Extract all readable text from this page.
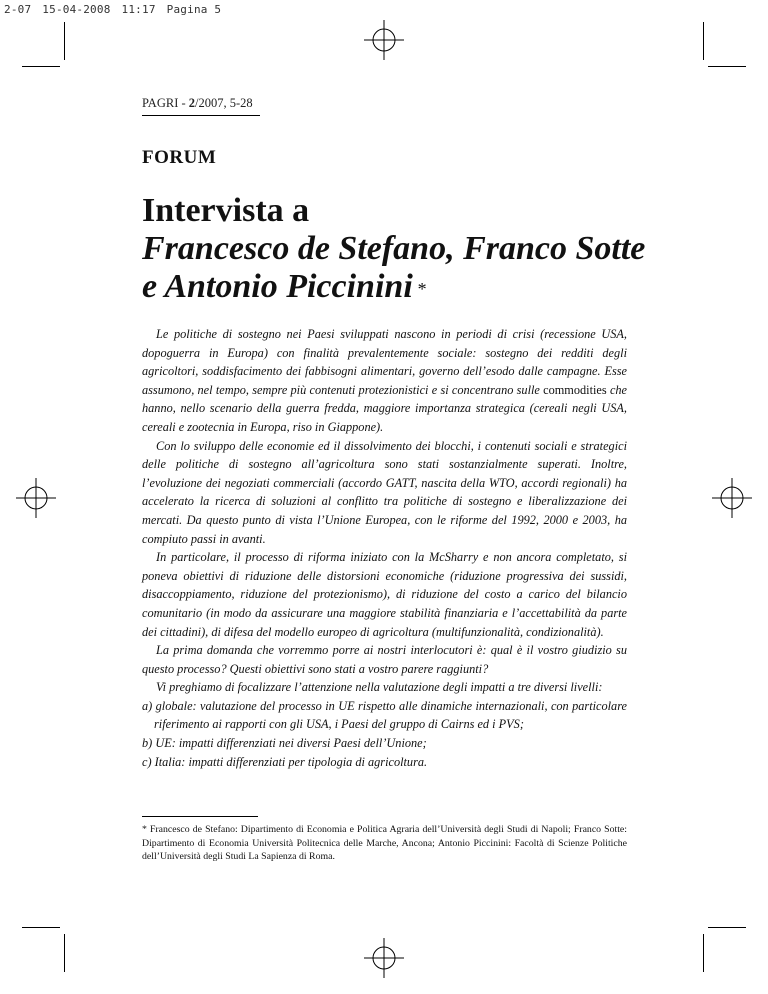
2-07 15-04-2008 11:17 Pagina 5
PAGRI - 2/2007, 5-28
FORUM
Intervista a
Francesco de Stefano, Franco Sotte
e Antonio Piccinini *

Le politiche di sostegno nei Paesi sviluppati nascono in periodi di crisi (recessione USA, dopoguerra in Europa) con finalità prevalentemente sociale: sostegno dei redditi degli agricoltori, soddisfacimento dei fabbisogni alimentari, governo dell’esodo dalle campagne. Esse assumono, nel tempo, sempre più contenuti protezionistici e si concentrano sulle commodities che hanno, nello scenario della guerra fredda, maggiore importanza strategica (cereali negli USA, cereali e zootecnia in Europa, riso in Giappone).

Con lo sviluppo delle economie ed il dissolvimento dei blocchi, i contenuti sociali e strategici delle politiche di sostegno all’agricoltura sono stati sostanzialmente superati. Inoltre, l’evoluzione dei negoziati commerciali (accordo GATT, nascita della WTO, accordi regionali) ha accelerato la ricerca di soluzioni al conflitto tra politiche di sostegno e liberalizzazione dei mercati. Da questo punto di vista l’Unione Europea, con le riforme del 1992, 2000 e 2003, ha compiuto passi in avanti.

In particolare, il processo di riforma iniziato con la McSharry e non ancora completato, si poneva obiettivi di riduzione delle distorsioni economiche (riduzione progressiva dei sussidi, disaccoppiamento, riduzione del protezionismo), di riduzione del costo a carico del bilancio comunitario (in modo da assicurare una maggiore stabilità finanziaria e l’accettabilità da parte dei cittadini), di difesa del modello europeo di agricoltura (multifunzionalità, condizionalità).

La prima domanda che vorremmo porre ai nostri interlocutori è: qual è il vostro giudizio su questo processo? Questi obiettivi sono stati a vostro parere raggiunti?

Vi preghiamo di focalizzare l’attenzione nella valutazione degli impatti a tre diversi livelli:

a) globale: valutazione del processo in UE rispetto alle dinamiche internazionali, con particolare riferimento ai rapporti con gli USA, i Paesi del gruppo di Cairns ed i PVS;
b) UE: impatti differenziati nei diversi Paesi dell’Unione;
c) Italia: impatti differenziati per tipologia di agricoltura.
* Francesco de Stefano: Dipartimento di Economia e Politica Agraria dell’Università degli Studi di Napoli; Franco Sotte: Dipartimento di Economia Università Politecnica delle Marche, Ancona; Antonio Piccinini: Facoltà di Scienze Politiche dell’Università degli Studi La Sapienza di Roma.
